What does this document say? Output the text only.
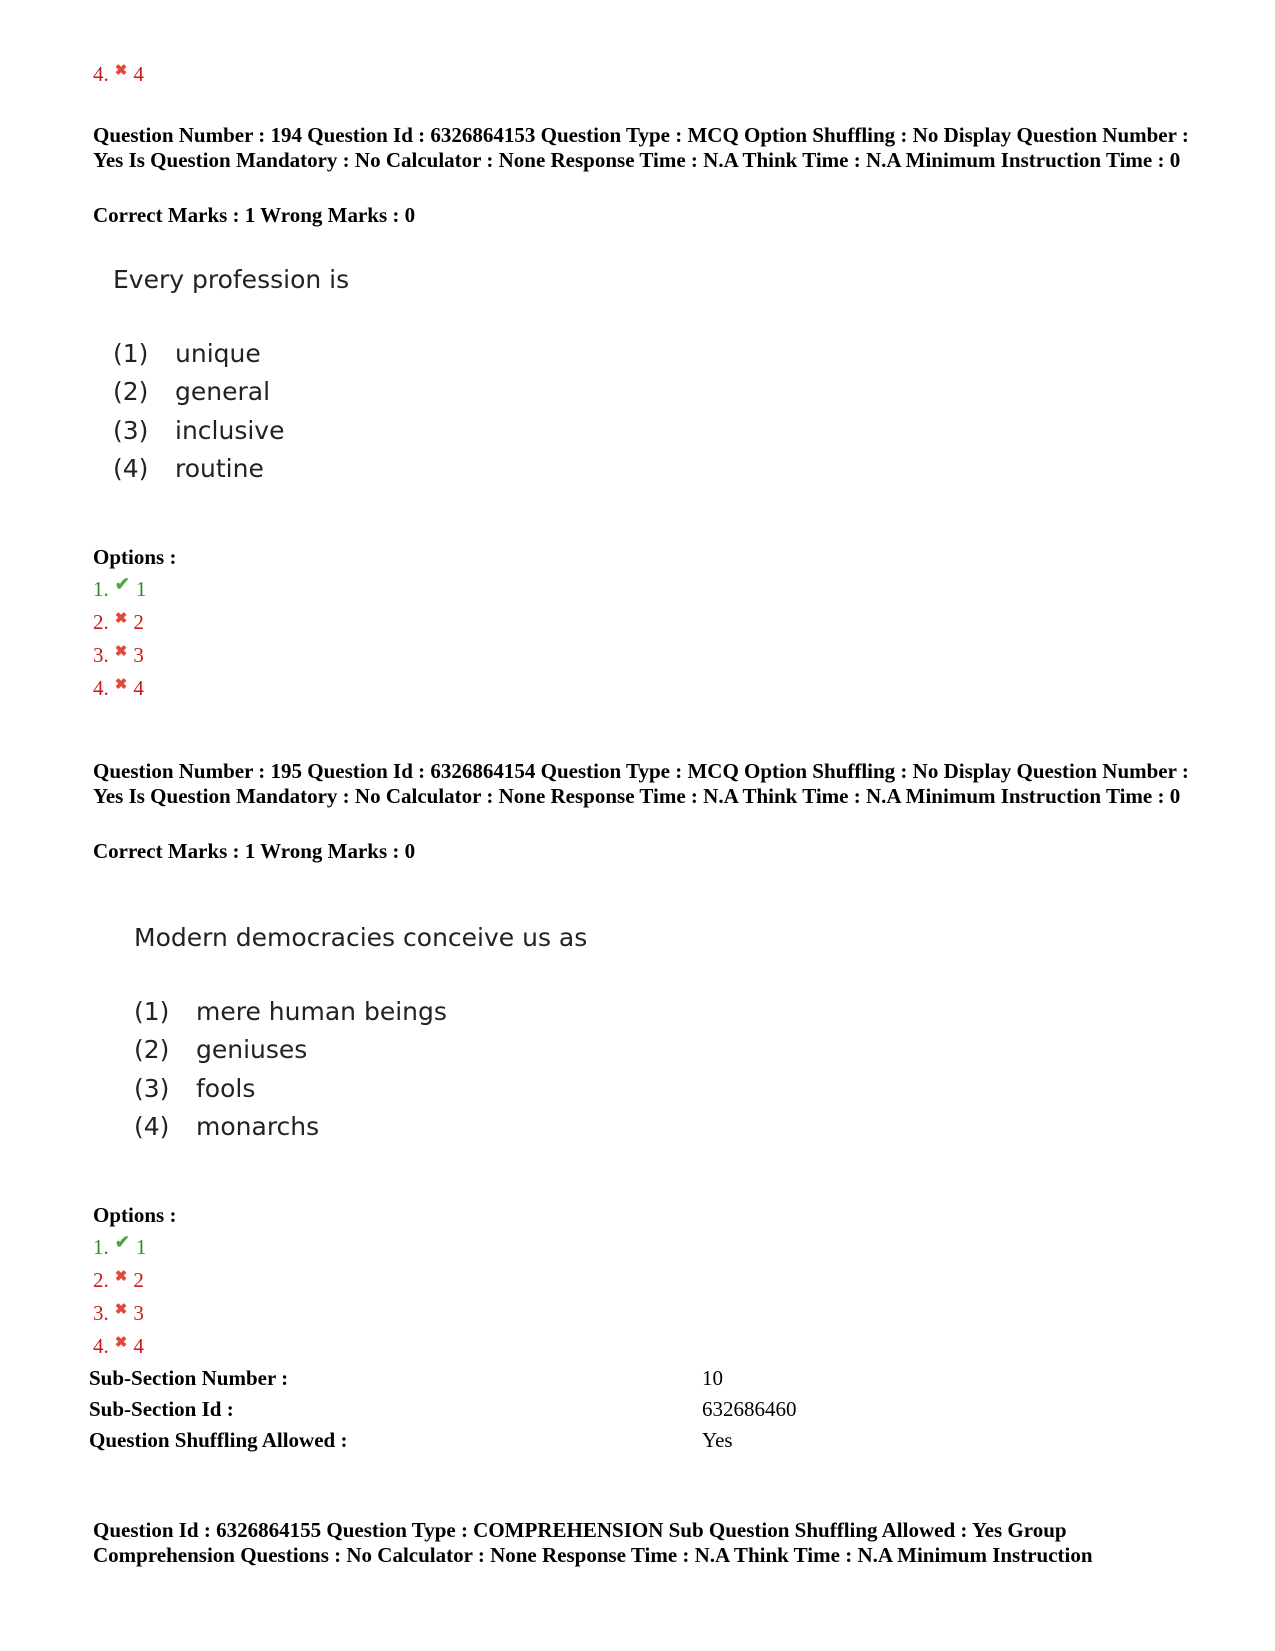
4. ✖ 4
Question Number : 194 Question Id : 6326864153 Question Type : MCQ Option Shuffling : No Display Question Number : Yes Is Question Mandatory : No Calculator : None Response Time : N.A Think Time : N.A Minimum Instruction Time : 0
Correct Marks : 1 Wrong Marks : 0
Every profession is
(1)	unique
(2)	general
(3)	inclusive
(4)	routine
Options :
1. ✔ 1
2. ✖ 2
3. ✖ 3
4. ✖ 4
Question Number : 195 Question Id : 6326864154 Question Type : MCQ Option Shuffling : No Display Question Number : Yes Is Question Mandatory : No Calculator : None Response Time : N.A Think Time : N.A Minimum Instruction Time : 0
Correct Marks : 1 Wrong Marks : 0
Modern democracies conceive us as
(1)	mere human beings
(2)	geniuses
(3)	fools
(4)	monarchs
Options :
1. ✔ 1
2. ✖ 2
3. ✖ 3
4. ✖ 4
Sub-Section Number :	10
Sub-Section Id :	632686460
Question Shuffling Allowed :	Yes
Question Id : 6326864155 Question Type : COMPREHENSION Sub Question Shuffling Allowed : Yes Group Comprehension Questions : No Calculator : None Response Time : N.A Think Time : N.A Minimum Instruction
